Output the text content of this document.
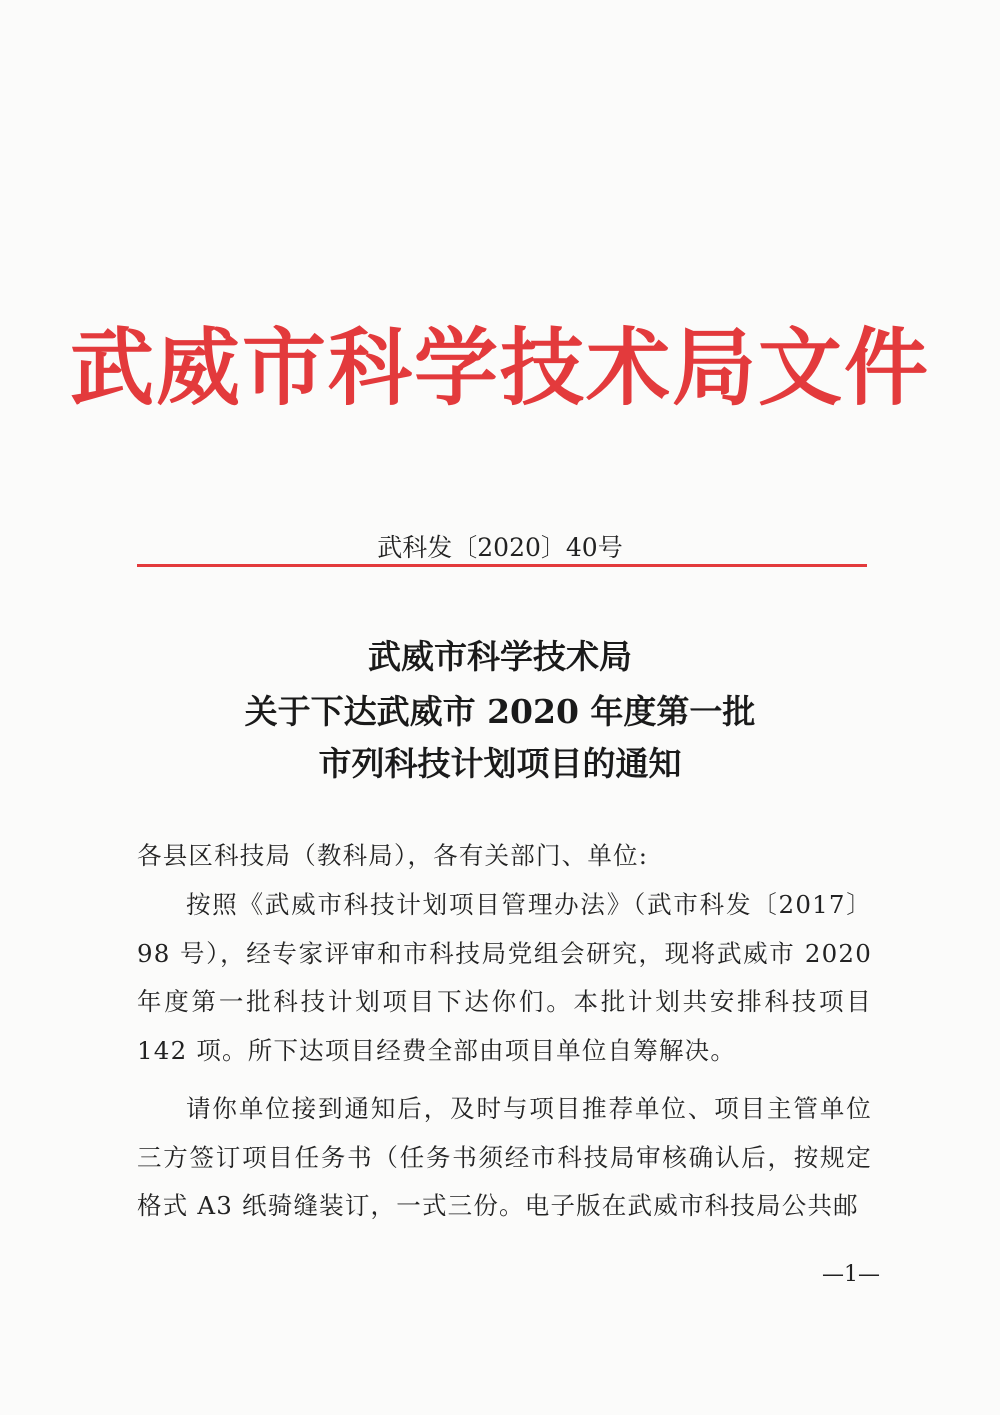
武威市科学技术局文件
武科发〔2020〕40号
武威市科学技术局
关于下达武威市 2020 年度第一批
市列科技计划项目的通知
各县区科技局（教科局），各有关部门、单位:
按照《武威市科技计划项目管理办法》（武市科发〔2017〕98 号），经专家评审和市科技局党组会研究，现将武威市 2020 年度第一批科技计划项目下达你们。本批计划共安排科技项目 142 项。所下达项目经费全部由项目单位自筹解决。
请你单位接到通知后，及时与项目推荐单位、项目主管单位三方签订项目任务书（任务书须经市科技局审核确认后，按规定格式 A3 纸骑缝装订，一式三份。电子版在武威市科技局公共邮
—1—
